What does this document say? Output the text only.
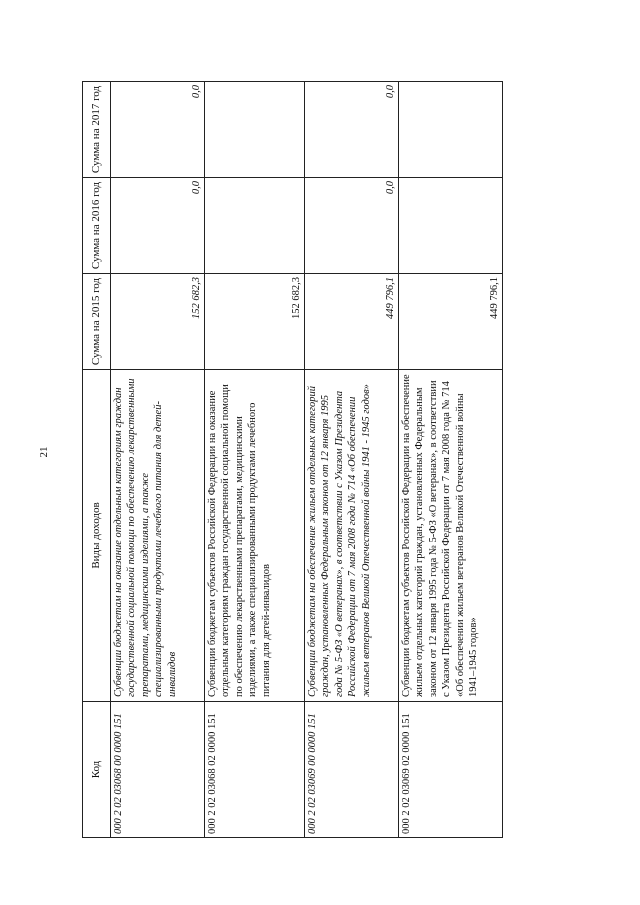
21
Код	Виды доходов	Сумма на 2015 год	Сумма на 2016 год	Сумма на 2017 год
000 2 02 03068 00 0000 151	Субвенции бюджетам на оказание отдельным категориям граждан государственной социальной помощи по обеспечению лекарственными препаратами, медицинскими изделиями, а также специализированными продуктами лечебного питания для детей-инвалидов	152 682,3	0,0	0,0
000 2 02 03068 02 0000 151	Субвенции бюджетам субъектов Российской Федерации на оказание отдельным категориям граждан государственной социальной помощи по обеспечению лекарственными препаратами, медицинскими изделиями, а также специализированными продуктами лечебного питания для детей-инвалидов	152 682,3		
000 2 02 03069 00 0000 151	Субвенции бюджетам на обеспечение жильем отдельных категорий граждан, установленных Федеральным законом от 12 января 1995 года № 5-ФЗ «О ветеранах», в соответствии с Указом Президента Российской Федерации от 7 мая 2008 года № 714 «Об обеспечении жильем ветеранов Великой Отечественной войны 1941 - 1945 годов»	449 796,1	0,0	0,0
000 2 02 03069 02 0000 151	Субвенции бюджетам субъектов Российской Федерации на обеспечение жильем отдельных категорий граждан, установленных Федеральным законом от 12 января 1995 года № 5-ФЗ «О ветеранах», в соответствии с Указом Президента Российской Федерации от 7 мая 2008 года № 714 «Об обеспечении жильем ветеранов Великой Отечественной войны 1941–1945 годов»	449 796,1		
